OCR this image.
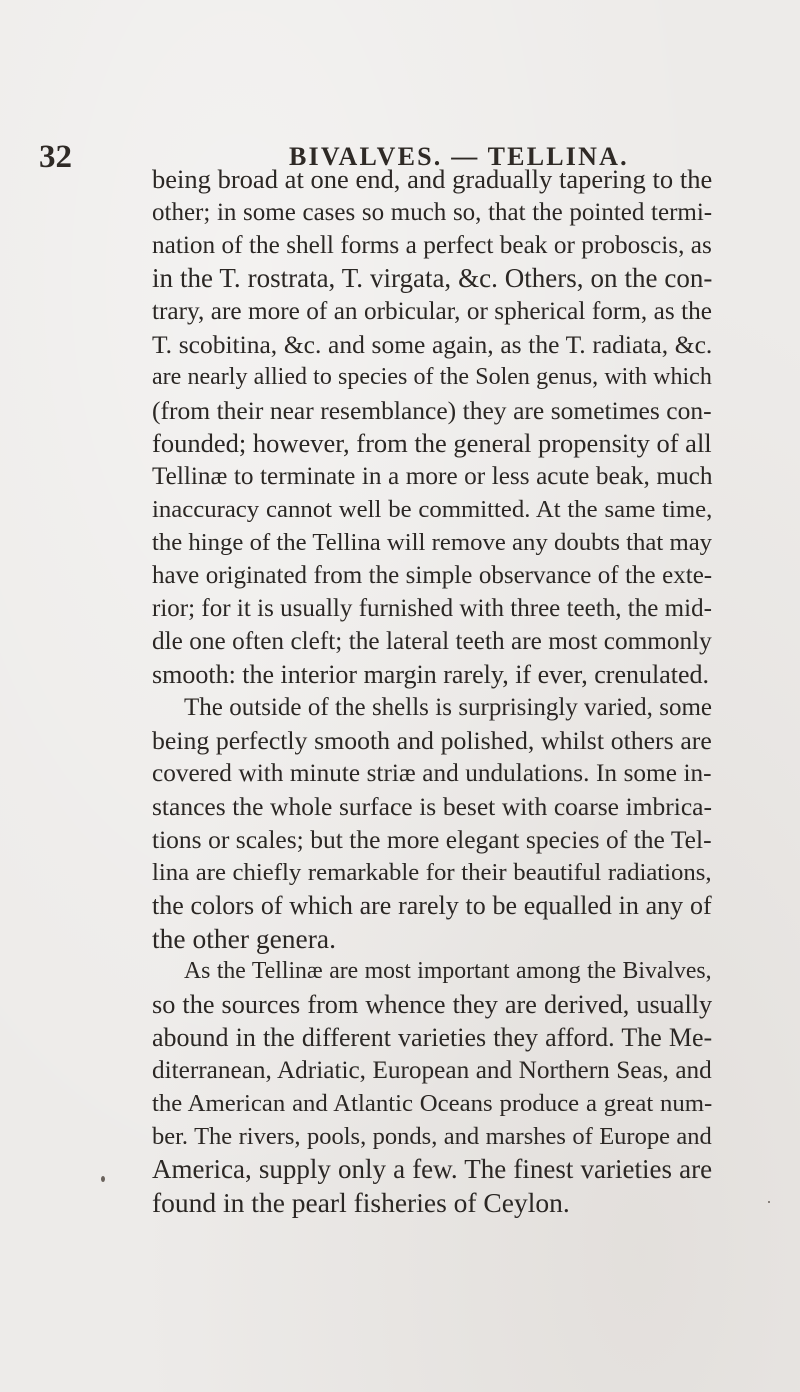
32	BIVALVES. — TELLINA.
being broad at one end, and gradually tapering to the
other; in some cases so much so, that the pointed termi-
nation of the shell forms a perfect beak or proboscis, as
in the T. rostrata, T. virgata, &c. Others, on the con-
trary, are more of an orbicular, or spherical form, as the
T. scobitina, &c. and some again, as the T. radiata, &c.
are nearly allied to species of the Solen genus, with which
(from their near resemblance) they are sometimes con-
founded; however, from the general propensity of all
Tellinæ to terminate in a more or less acute beak, much
inaccuracy cannot well be committed. At the same time,
the hinge of the Tellina will remove any doubts that may
have originated from the simple observance of the exte-
rior; for it is usually furnished with three teeth, the mid-
dle one often cleft; the lateral teeth are most commonly
smooth: the interior margin rarely, if ever, crenulated.
The outside of the shells is surprisingly varied, some
being perfectly smooth and polished, whilst others are
covered with minute striæ and undulations. In some in-
stances the whole surface is beset with coarse imbrica-
tions or scales; but the more elegant species of the Tel-
lina are chiefly remarkable for their beautiful radiations,
the colors of which are rarely to be equalled in any of
the other genera.
As the Tellinæ are most important among the Bivalves,
so the sources from whence they are derived, usually
abound in the different varieties they afford. The Me-
diterranean, Adriatic, European and Northern Seas, and
the American and Atlantic Oceans produce a great num-
ber. The rivers, pools, ponds, and marshes of Europe and
America, supply only a few. The finest varieties are
found in the pearl fisheries of Ceylon.
